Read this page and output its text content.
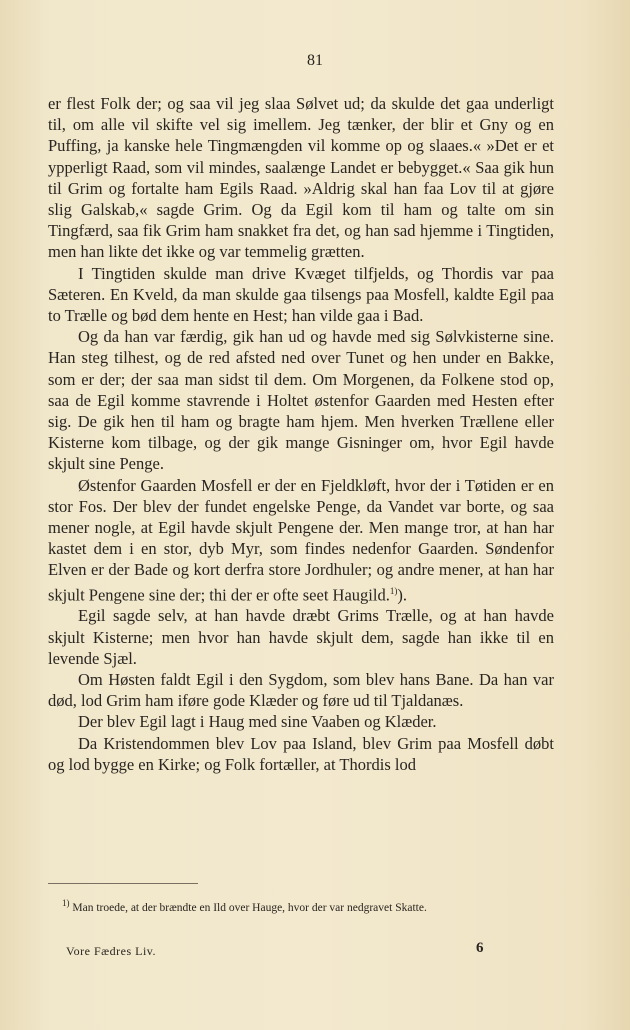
81

er flest Folk der; og saa vil jeg slaa Sølvet ud; da skulde det gaa underligt til, om alle vil skifte vel sig imellem. Jeg tænker, der blir et Gny og en Puffing, ja kanske hele Tingmængden vil komme op og slaaes.« »Det er et ypperligt Raad, som vil mindes, saalænge Landet er bebygget.« Saa gik hun til Grim og fortalte ham Egils Raad. »Aldrig skal han faa Lov til at gjøre slig Galskab,« sagde Grim. Og da Egil kom til ham og talte om sin Tingfærd, saa fik Grim ham snakket fra det, og han sad hjemme i Tingtiden, men han likte det ikke og var temmelig grætten.

I Tingtiden skulde man drive Kvæget tilfjelds, og Thordis var paa Sæteren. En Kveld, da man skulde gaa tilsengs paa Mosfell, kaldte Egil paa to Trælle og bød dem hente en Hest; han vilde gaa i Bad.

Og da han var færdig, gik han ud og havde med sig Sølvkisterne sine. Han steg tilhest, og de red afsted ned over Tunet og hen under en Bakke, som er der; der saa man sidst til dem. Om Morgenen, da Folkene stod op, saa de Egil komme stavrende i Holtet østenfor Gaarden med Hesten efter sig. De gik hen til ham og bragte ham hjem. Men hverken Trællene eller Kisterne kom tilbage, og der gik mange Gisninger om, hvor Egil havde skjult sine Penge.

Østenfor Gaarden Mosfell er der en Fjeldkløft, hvor der i Tøtiden er en stor Fos. Der blev der fundet engelske Penge, da Vandet var borte, og saa mener nogle, at Egil havde skjult Pengene der. Men mange tror, at han har kastet dem i en stor, dyb Myr, som findes nedenfor Gaarden. Søndenfor Elven er der Bade og kort derfra store Jordhuler; og andre mener, at han har skjult Pengene sine der; thi der er ofte seet Haugild.$^{1)}$).

Egil sagde selv, at han havde dræbt Grims Trælle, og at han havde skjult Kisterne; men hvor han havde skjult dem, sagde han ikke til en levende Sjæl.

Om Høsten faldt Egil i den Sygdom, som blev hans Bane. Da han var død, lod Grim ham iføre gode Klæder og føre ud til Tjaldanæs.

Der blev Egil lagt i Haug med sine Vaaben og Klæder.

Da Kristendommen blev Lov paa Island, blev Grim paa Mosfell døbt og lod bygge en Kirke; og Folk fortæller, at Thordis lod

$^{1)}$ Man troede, at der brændte en Ild over Hauge, hvor der var nedgravet Skatte.
Vore Fædres Liv.	6
